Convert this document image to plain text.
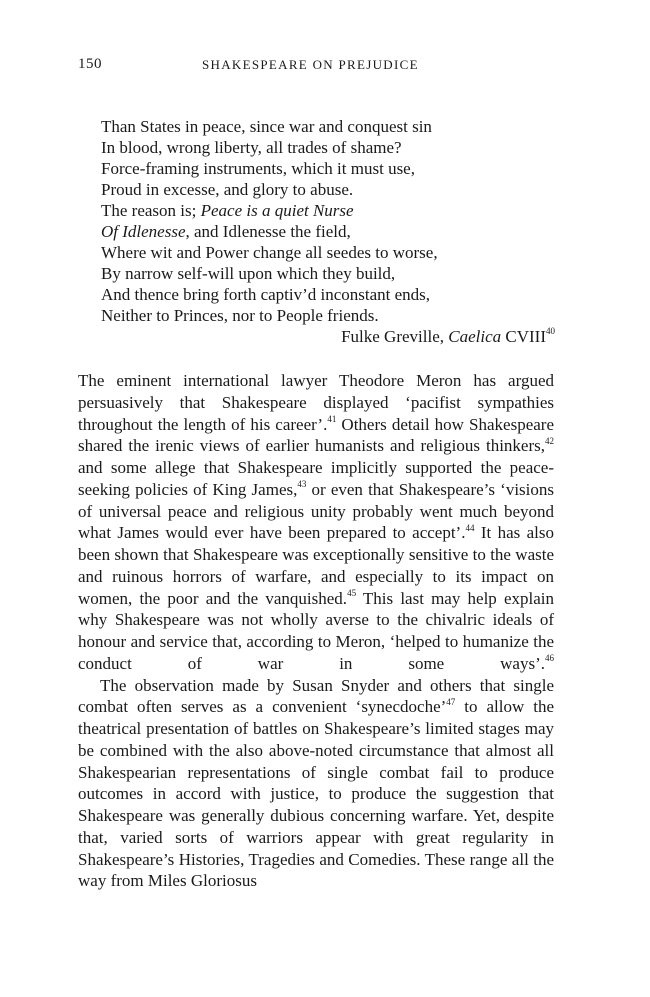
150	SHAKESPEARE ON PREJUDICE
Than States in peace, since war and conquest sin
In blood, wrong liberty, all trades of shame?
Force-framing instruments, which it must use,
Proud in excesse, and glory to abuse.
The reason is; Peace is a quiet Nurse
Of Idlenesse, and Idlenesse the field,
Where wit and Power change all seedes to worse,
By narrow self-will upon which they build,
And thence bring forth captiv’d inconstant ends,
Neither to Princes, nor to People friends.
Fulke Greville, Caelica CVIII$^{40}$

The eminent international lawyer Theodore Meron has argued persuasively that Shakespeare displayed ‘pacifist sympathies throughout the length of his career’.$^{41}$ Others detail how Shakespeare shared the irenic views of earlier humanists and religious thinkers,$^{42}$ and some allege that Shakespeare implicitly supported the peace-seeking policies of King James,$^{43}$ or even that Shakespeare’s ‘visions of universal peace and religious unity probably went much beyond what James would ever have been prepared to accept’.$^{44}$ It has also been shown that Shakespeare was exceptionally sensitive to the waste and ruinous horrors of warfare, and especially to its impact on women, the poor and the vanquished.$^{45}$ This last may help explain why Shakespeare was not wholly averse to the chivalric ideals of honour and service that, according to Meron, ‘helped to humanize the conduct of war in some ways’.$^{46}$

The observation made by Susan Snyder and others that single combat often serves as a convenient ‘synecdoche’$^{47}$ to allow the theatrical presentation of battles on Shakespeare’s limited stages may be combined with the also above-noted circumstance that almost all Shakespearian representations of single combat fail to produce outcomes in accord with justice, to produce the suggestion that Shakespeare was generally dubious concerning warfare. Yet, despite that, varied sorts of warriors appear with great regularity in Shakespeare’s Histories, Tragedies and Comedies. These range all the way from Miles Gloriosus
